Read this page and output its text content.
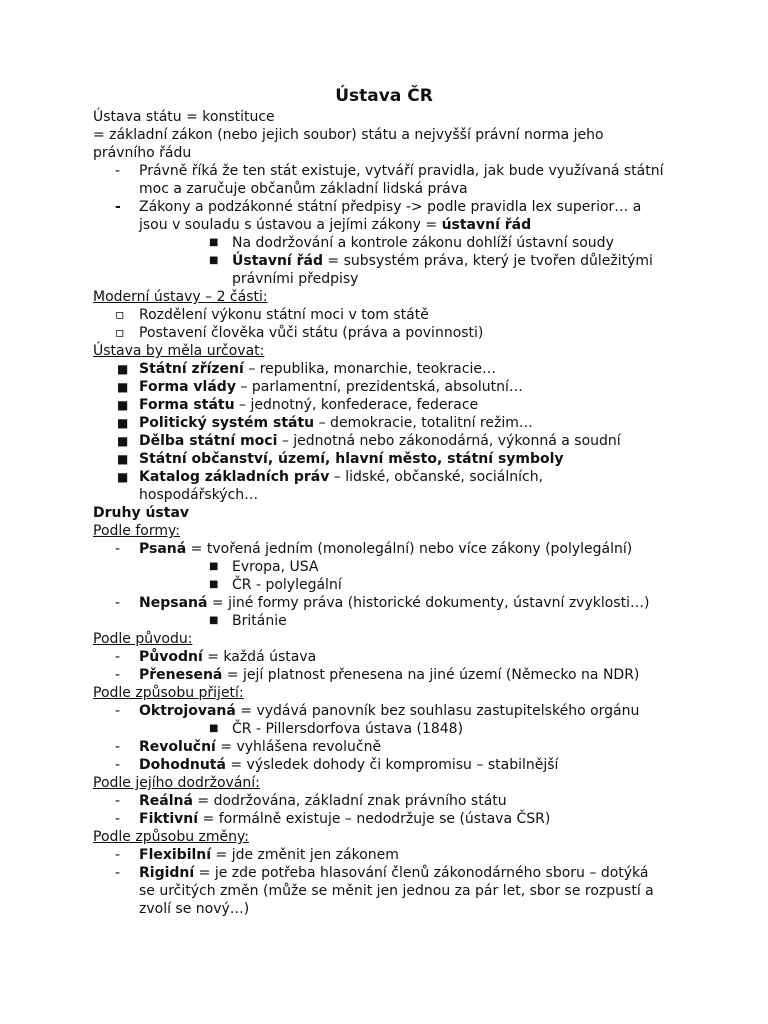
Ústava ČR
Ústava státu = konstituce
= základní zákon (nebo jejich soubor) státu a nejvyšší právní norma jeho
právního řádu
- Právně říká že ten stát existuje, vytváří pravidla, jak bude využívaná státní
moc a zaručuje občanům základní lidská práva
- Zákony a podzákonné státní předpisy -> podle pravidla lex superior… a
jsou v souladu s ústavou a jejími zákony = ústavní řád
■ Na dodržování a kontrole zákonu dohlíží ústavní soudy
■ Ústavní řád = subsystém práva, který je tvořen důležitými
právními předpisy
Moderní ústavy – 2 části:
▫ Rozdělení výkonu státní moci v tom státě
▫ Postavení člověka vůči státu (práva a povinnosti)
Ústava by měla určovat:
■ Státní zřízení – republika, monarchie, teokracie…
■ Forma vlády – parlamentní, prezidentská, absolutní…
■ Forma státu – jednotný, konfederace, federace
■ Politický systém státu – demokracie, totalitní režim…
■ Dělba státní moci – jednotná nebo zákonodárná, výkonná a soudní
■ Státní občanství, území, hlavní město, státní symboly
■ Katalog základních práv – lidské, občanské, sociálních,
hospodářských…
Druhy ústav
Podle formy:
- Psaná = tvořená jedním (monolegální) nebo více zákony (polylegální)
■ Evropa, USA
■ ČR - polylegální
- Nepsaná = jiné formy práva (historické dokumenty, ústavní zvyklosti…)
■ Británie
Podle původu:
- Původní = každá ústava
- Přenesená = její platnost přenesena na jiné území (Německo na NDR)
Podle způsobu přijetí:
- Oktrojovaná = vydává panovník bez souhlasu zastupitelského orgánu
■ ČR - Pillersdorfova ústava (1848)
- Revoluční = vyhlášena revolučně
- Dohodnutá = výsledek dohody či kompromisu – stabilnější
Podle jejího dodržování:
- Reálná = dodržována, základní znak právního státu
- Fiktivní = formálně existuje – nedodržuje se (ústava ČSR)
Podle způsobu změny:
- Flexibilní = jde změnit jen zákonem
- Rigidní = je zde potřeba hlasování členů zákonodárného sboru – dotýká
se určitých změn (může se měnit jen jednou za pár let, sbor se rozpustí a
zvolí se nový…)
